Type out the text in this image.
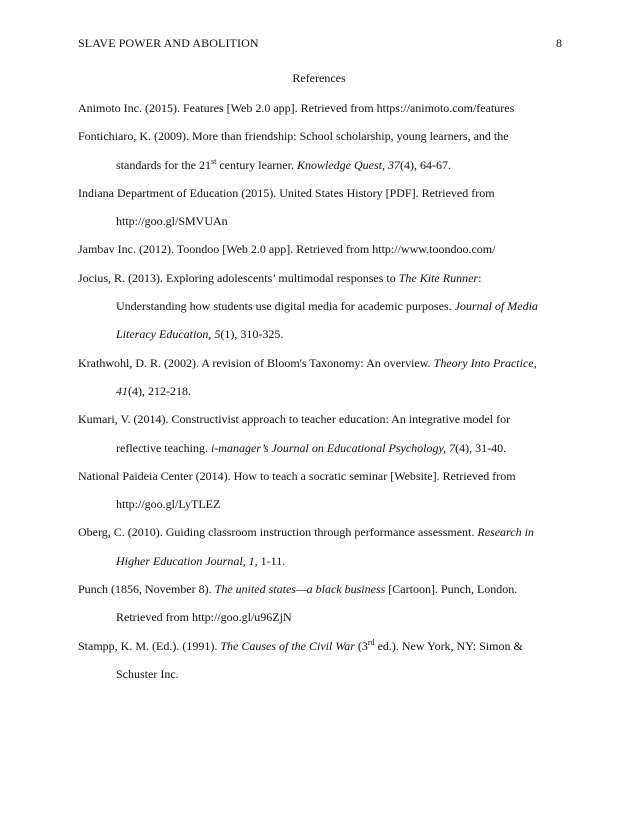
SLAVE POWER AND ABOLITION	8
References
Animoto Inc. (2015). Features [Web 2.0 app]. Retrieved from https://animoto.com/features
Fontichiaro, K. (2009). More than friendship: School scholarship, young learners, and the
standards for the 21st century learner. Knowledge Quest, 37(4), 64-67.
Indiana Department of Education (2015). United States History [PDF]. Retrieved from
http://goo.gl/SMVUAn
Jambav Inc. (2012). Toondoo [Web 2.0 app]. Retrieved from http://www.toondoo.com/
Jocius, R. (2013). Exploring adolescents’ multimodal responses to The Kite Runner:
Understanding how students use digital media for academic purposes. Journal of Media
Literacy Education, 5(1), 310-325.
Krathwohl, D. R. (2002). A revision of Bloom's Taxonomy: An overview. Theory Into Practice,
41(4), 212-218.
Kumari, V. (2014). Constructivist approach to teacher education: An integrative model for
reflective teaching. i-manager’s Journal on Educational Psychology, 7(4), 31-40.
National Paideia Center (2014). How to teach a socratic seminar [Website]. Retrieved from
http://goo.gl/LyTLEZ
Oberg, C. (2010). Guiding classroom instruction through performance assessment. Research in
Higher Education Journal, 1, 1-11.
Punch (1856, November 8). The united states—a black business [Cartoon]. Punch, London.
Retrieved from http://goo.gl/u96ZjN
Stampp, K. M. (Ed.). (1991). The Causes of the Civil War (3rd ed.). New York, NY: Simon &
Schuster Inc.
